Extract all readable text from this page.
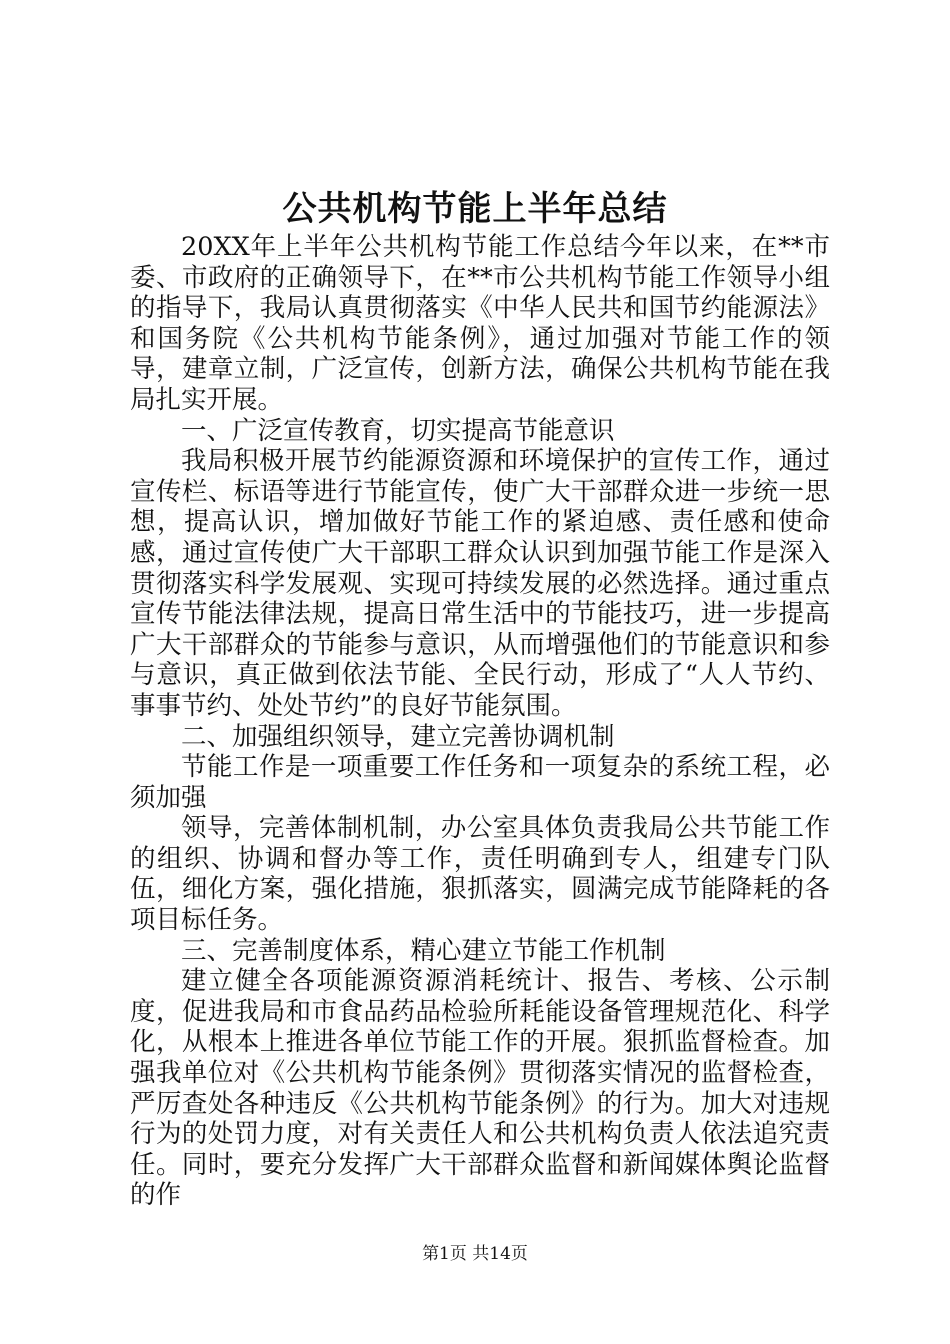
公共机构节能上半年总结

20XX年上半年公共机构节能工作总结今年以来，在**市委、市政府的正确领导下，在**市公共机构节能工作领导小组的指导下，我局认真贯彻落实《中华人民共和国节约能源法》和国务院《公共机构节能条例》，通过加强对节能工作的领导，建章立制，广泛宣传，创新方法，确保公共机构节能在我局扎实开展。

一、广泛宣传教育，切实提高节能意识

我局积极开展节约能源资源和环境保护的宣传工作，通过宣传栏、标语等进行节能宣传，使广大干部群众进一步统一思想，提高认识，增加做好节能工作的紧迫感、责任感和使命感，通过宣传使广大干部职工群众认识到加强节能工作是深入贯彻落实科学发展观、实现可持续发展的必然选择。通过重点宣传节能法律法规，提高日常生活中的节能技巧，进一步提高广大干部群众的节能参与意识，从而增强他们的节能意识和参与意识，真正做到依法节能、全民行动，形成了“人人节约、事事节约、处处节约”的良好节能氛围。

二、加强组织领导，建立完善协调机制

节能工作是一项重要工作任务和一项复杂的系统工程，必须加强

领导，完善体制机制，办公室具体负责我局公共节能工作的组织、协调和督办等工作，责任明确到专人，组建专门队伍，细化方案，强化措施，狠抓落实，圆满完成节能降耗的各项目标任务。

三、完善制度体系，精心建立节能工作机制

建立健全各项能源资源消耗统计、报告、考核、公示制度，促进我局和市食品药品检验所耗能设备管理规范化、科学化，从根本上推进各单位节能工作的开展。狠抓监督检查。加强我单位对《公共机构节能条例》贯彻落实情况的监督检查，严厉查处各种违反《公共机构节能条例》的行为。加大对违规行为的处罚力度，对有关责任人和公共机构负责人依法追究责任。同时，要充分发挥广大干部群众监督和新闻媒体舆论监督的作

第1页 共14页
